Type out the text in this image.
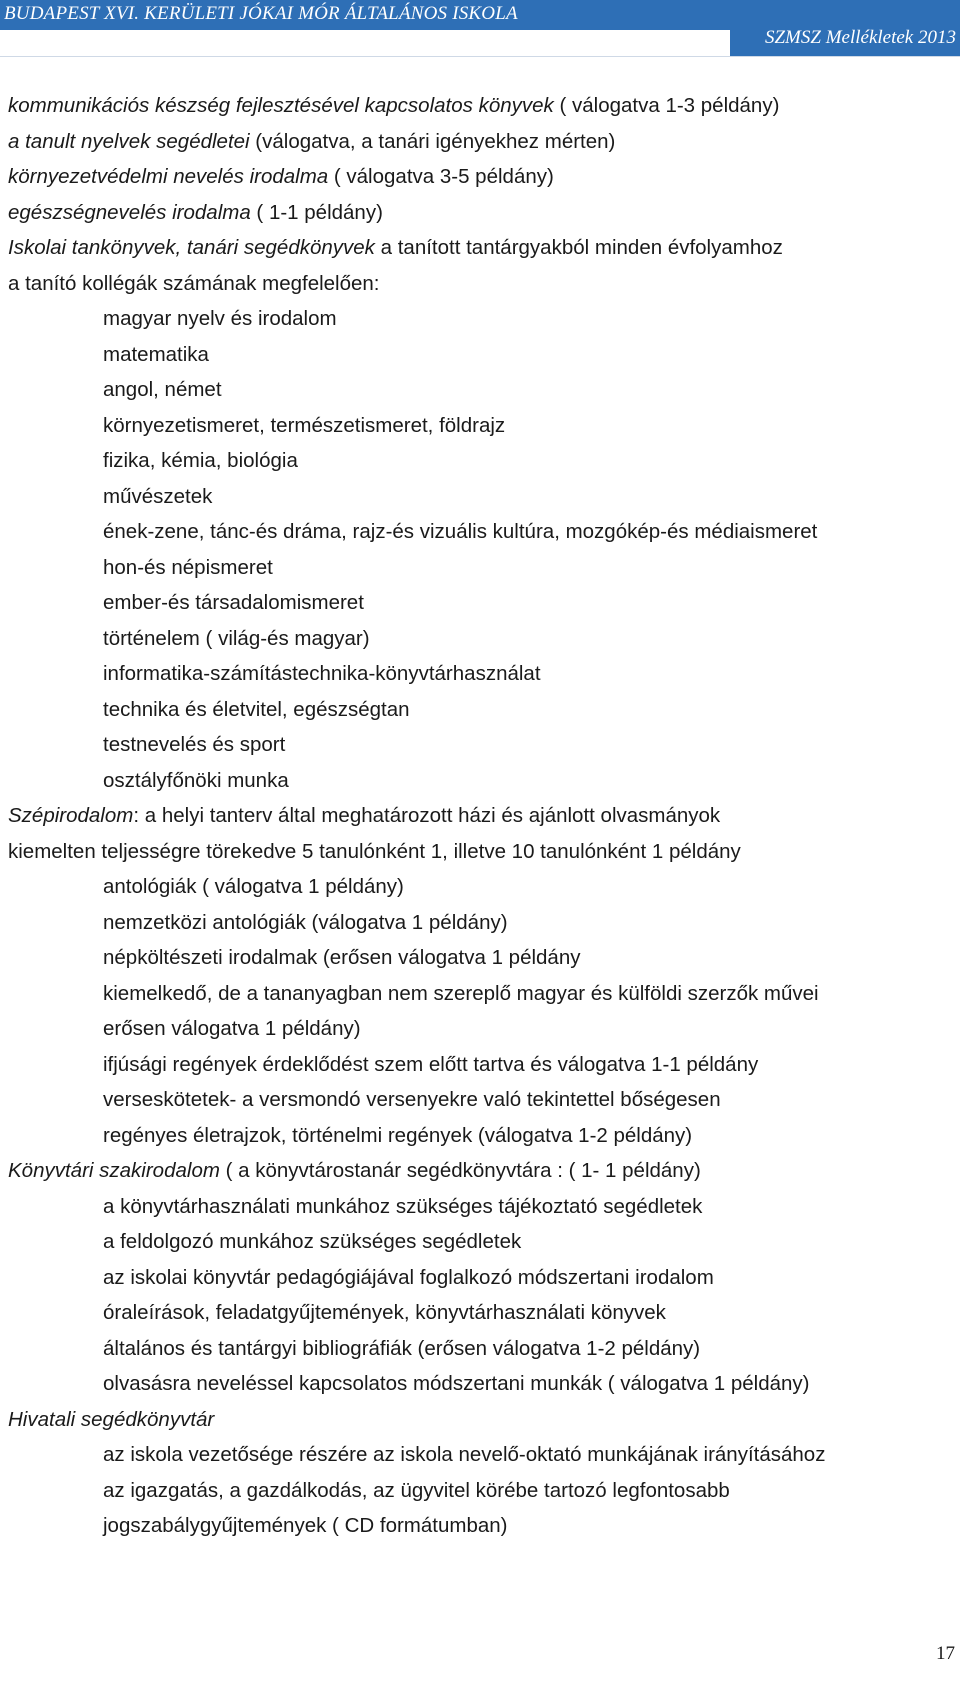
BUDAPEST XVI. KERÜLETI JÓKAI MÓR ÁLTALÁNOS ISKOLA
SZMSZ Mellékletek 2013
kommunikációs készség fejlesztésével kapcsolatos könyvek ( válogatva 1-3 példány)
a tanult nyelvek segédletei (válogatva, a tanári igényekhez mérten)
környezetvédelmi nevelés irodalma ( válogatva 3-5 példány)
egészségnevelés irodalma ( 1-1 példány)
Iskolai tankönyvek, tanári segédkönyvek a tanított tantárgyakból minden évfolyamhoz
a tanító kollégák számának megfelelően:
magyar nyelv és irodalom
matematika
angol, német
környezetismeret, természetismeret, földrajz
fizika, kémia, biológia
művészetek
ének-zene, tánc-és dráma, rajz-és vizuális kultúra, mozgókép-és médiaismeret
hon-és népismeret
ember-és társadalomismeret
történelem ( világ-és magyar)
informatika-számítástechnika-könyvtárhasználat
technika és életvitel, egészségtan
testnevelés és sport
osztályfőnöki munka
Szépirodalom: a helyi tanterv által meghatározott házi és ajánlott olvasmányok
kiemelten teljességre törekedve 5 tanulónként 1, illetve 10 tanulónként 1 példány
antológiák ( válogatva 1 példány)
nemzetközi antológiák (válogatva 1 példány)
népköltészeti irodalmak (erősen válogatva 1 példány
kiemelkedő, de a tananyagban nem szereplő magyar és külföldi szerzők művei
erősen válogatva 1 példány)
ifjúsági regények érdeklődést szem előtt tartva és válogatva 1-1 példány
verseskötetek- a versmondó versenyekre való tekintettel bőségesen
regényes életrajzok, történelmi regények (válogatva 1-2 példány)
Könyvtári szakirodalom ( a könyvtárostanár segédkönyvtára : ( 1- 1 példány)
a könyvtárhasználati munkához szükséges tájékoztató segédletek
a feldolgozó munkához szükséges segédletek
az iskolai könyvtár pedagógiájával foglalkozó módszertani irodalom
óraleírások, feladatgyűjtemények, könyvtárhasználati könyvek
általános és tantárgyi bibliográfiák (erősen válogatva 1-2 példány)
olvasásra neveléssel kapcsolatos módszertani munkák ( válogatva 1 példány)
Hivatali segédkönyvtár
az iskola vezetősége részére az iskola nevelő-oktató munkájának irányításához
az igazgatás, a gazdálkodás, az ügyvitel körébe tartozó legfontosabb
jogszabálygyűjtemények ( CD formátumban)
17
